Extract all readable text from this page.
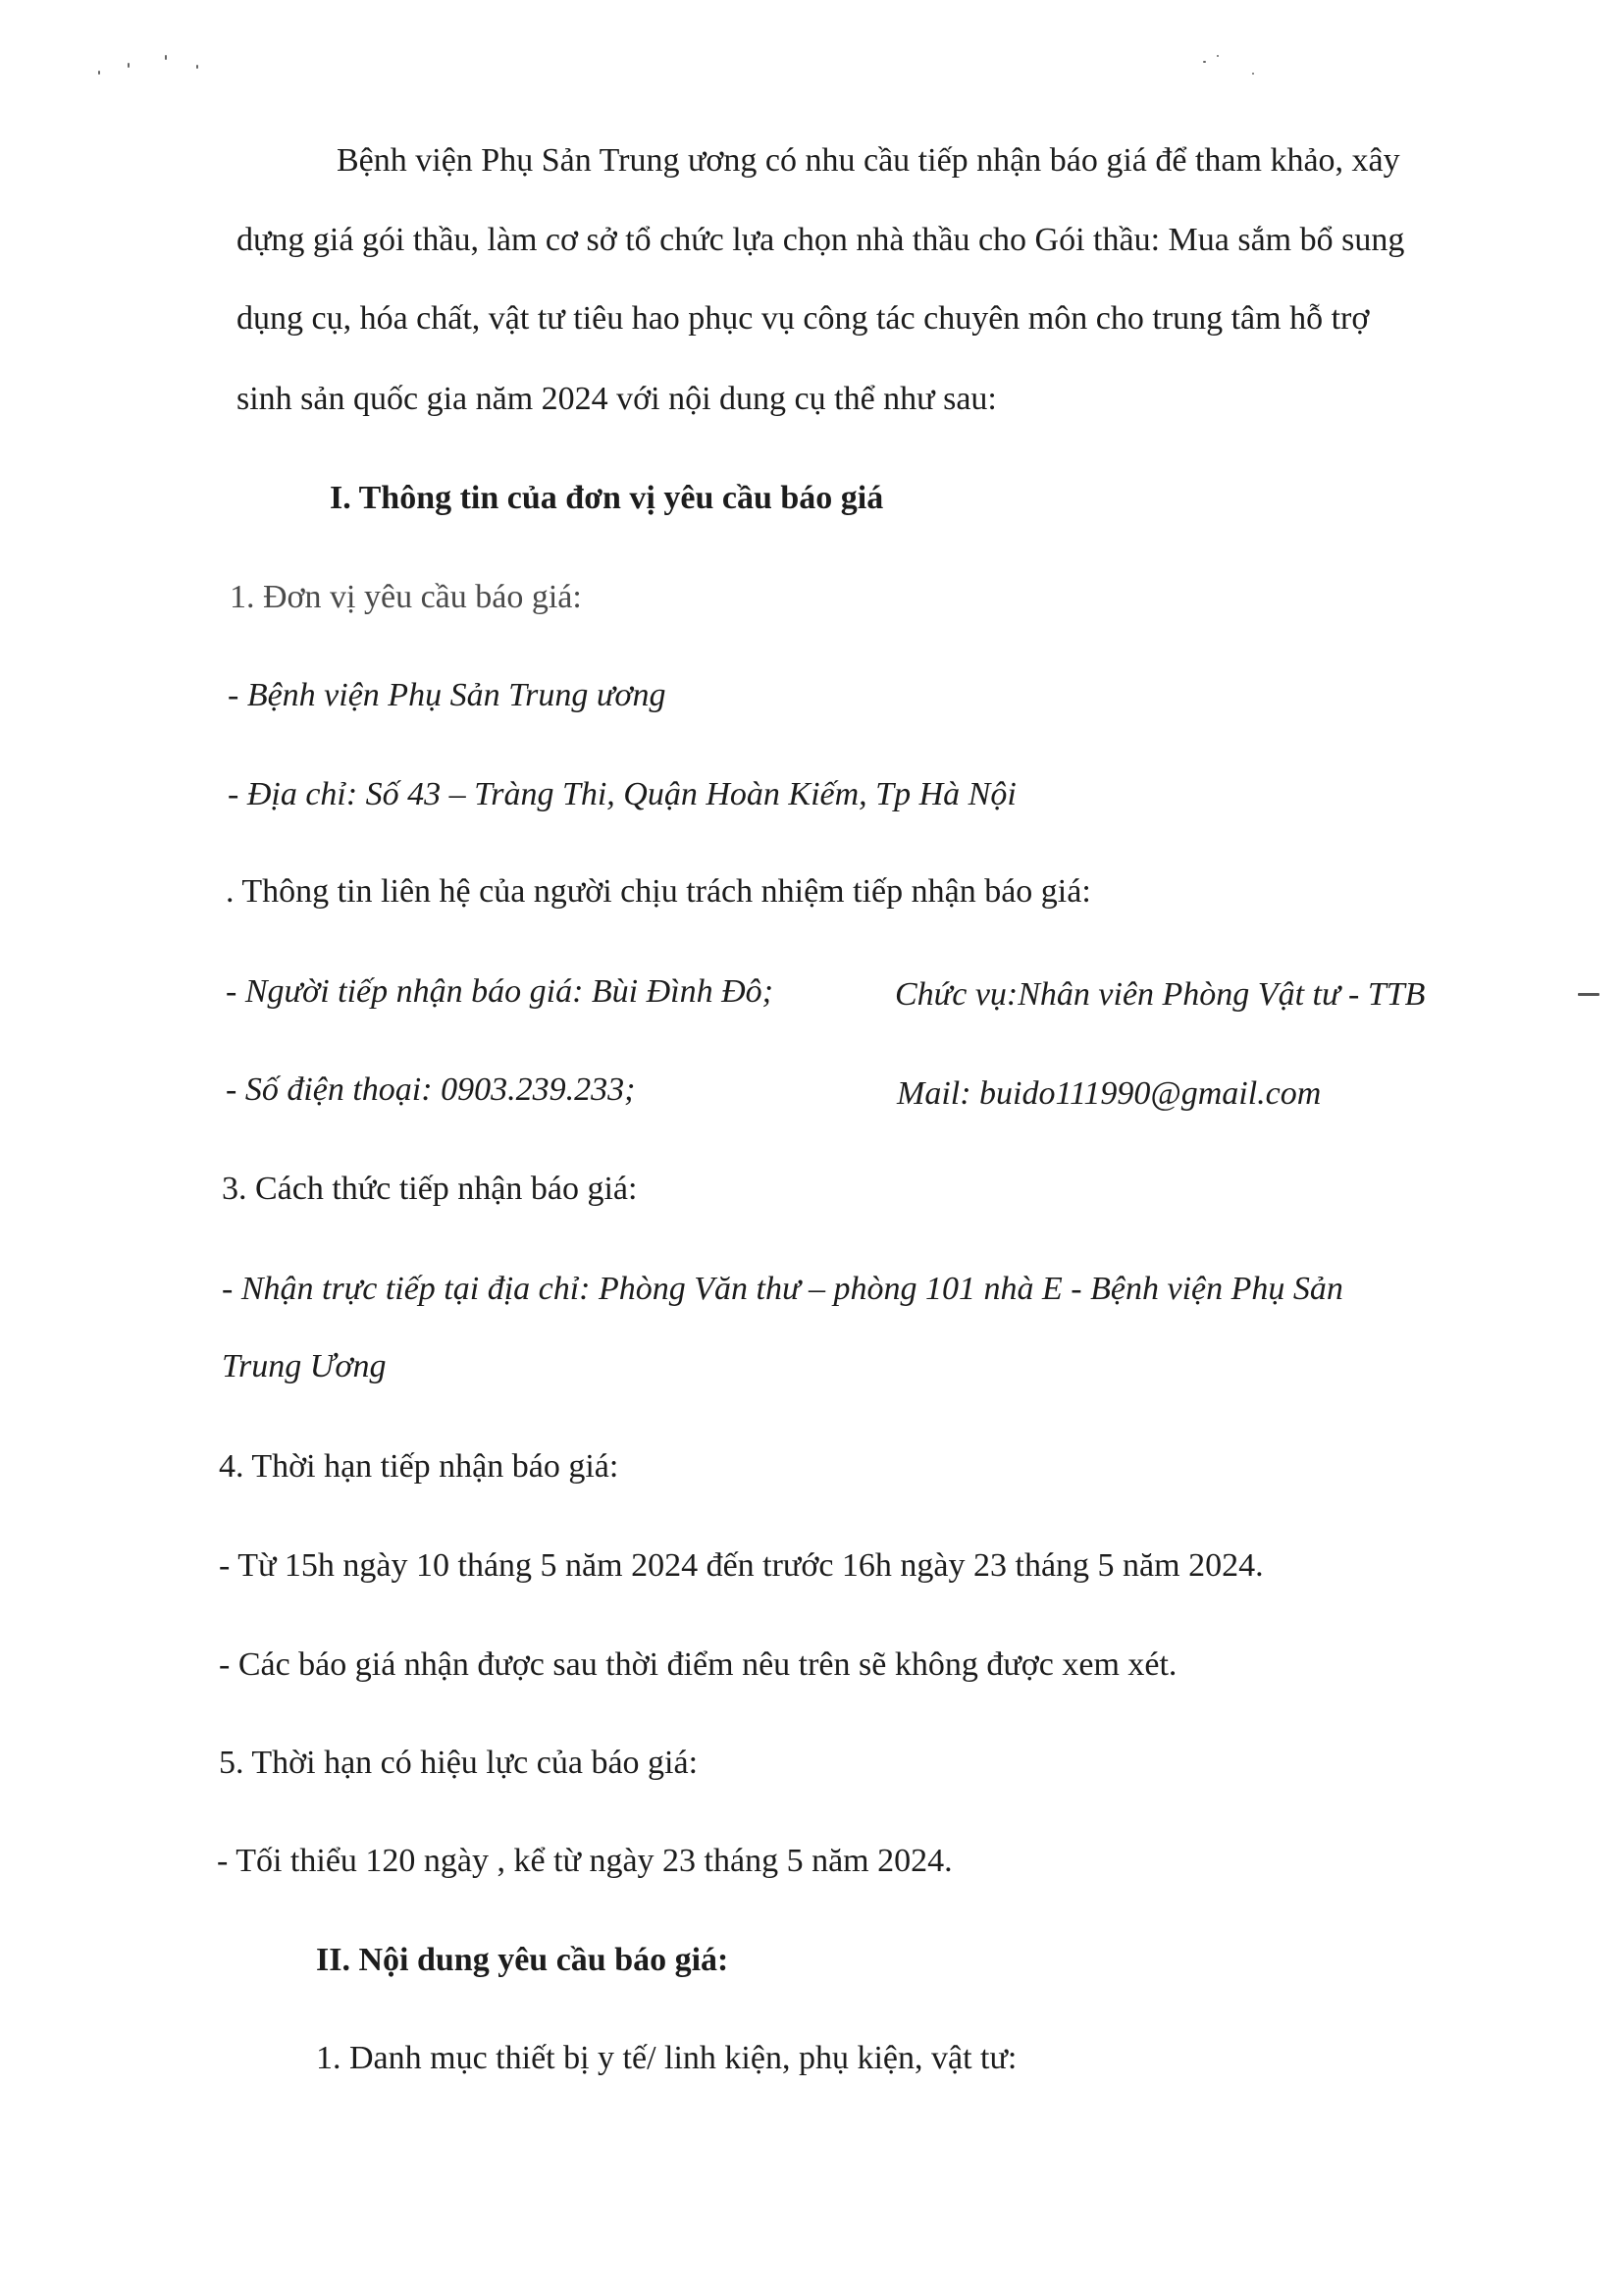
Bệnh viện Phụ Sản Trung ương có nhu cầu tiếp nhận báo giá để tham khảo, xây
dựng giá gói thầu, làm cơ sở tổ chức lựa chọn nhà thầu cho Gói thầu: Mua sắm bổ sung
dụng cụ, hóa chất, vật tư tiêu hao phục vụ công tác chuyên môn cho trung tâm hỗ trợ
sinh sản quốc gia năm 2024 với nội dung cụ thể như sau:
I. Thông tin của đơn vị yêu cầu báo giá
1. Đơn vị yêu cầu báo giá:
- Bệnh viện Phụ Sản Trung ương
- Địa chỉ: Số 43 – Tràng Thi, Quận Hoàn Kiếm, Tp Hà Nội
. Thông tin liên hệ của người chịu trách nhiệm tiếp nhận báo giá:
- Người tiếp nhận báo giá: Bùi Đình Đô;	Chức vụ:Nhân viên Phòng Vật tư - TTB
- Số điện thoại: 0903.239.233;	Mail: buido111990@gmail.com
3. Cách thức tiếp nhận báo giá:
- Nhận trực tiếp tại địa chỉ: Phòng Văn thư – phòng 101 nhà E - Bệnh viện Phụ Sản
Trung Ương
4. Thời hạn tiếp nhận báo giá:
- Từ 15h ngày 10 tháng 5 năm 2024 đến trước 16h ngày 23 tháng 5 năm 2024.
- Các báo giá nhận được sau thời điểm nêu trên sẽ không được xem xét.
5. Thời hạn có hiệu lực của báo giá:
- Tối thiểu 120 ngày , kể từ ngày 23 tháng 5 năm 2024.
II. Nội dung yêu cầu báo giá:
1. Danh mục thiết bị y tế/ linh kiện, phụ kiện, vật tư:
